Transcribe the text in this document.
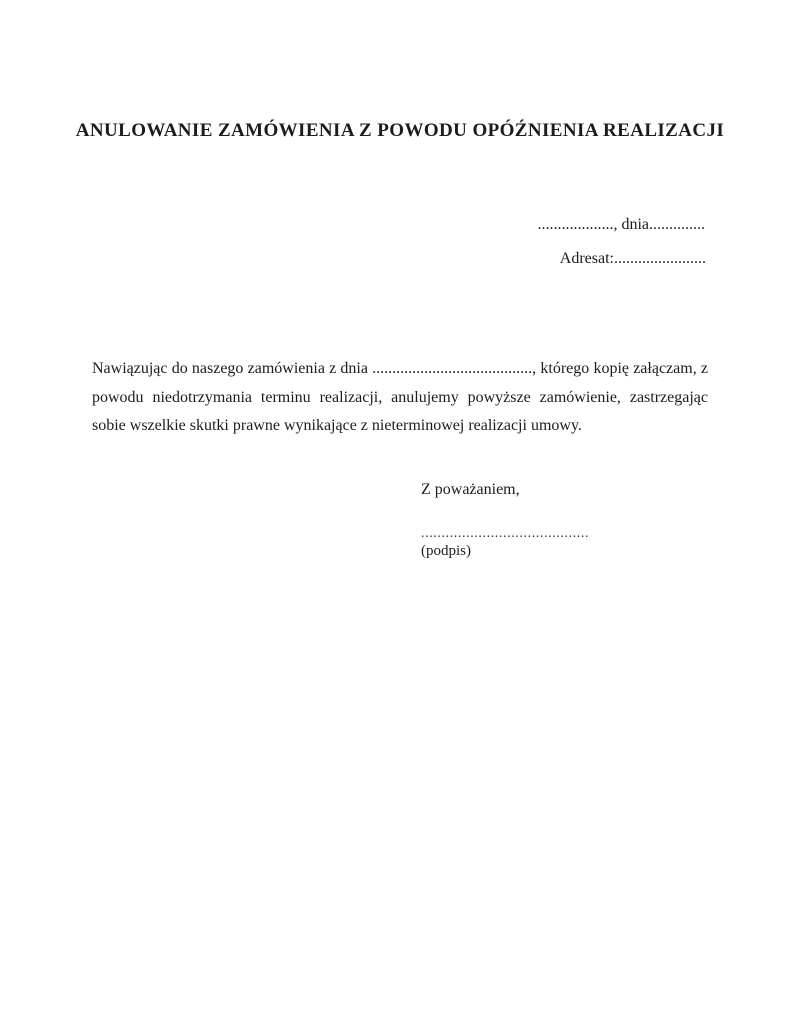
ANULOWANIE ZAMÓWIENIA Z POWODU OPÓŹNIENIA REALIZACJI
..................., dnia..............
Adresat:.......................

Nawiązując do naszego zamówienia z dnia ........................................, którego kopię załączam, z powodu niedotrzymania terminu realizacji, anulujemy powyższe zamówienie, zastrzegając sobie wszelkie skutki prawne wynikające z nieterminowej realizacji umowy.

Z poważaniem,
.........................................
(podpis)
